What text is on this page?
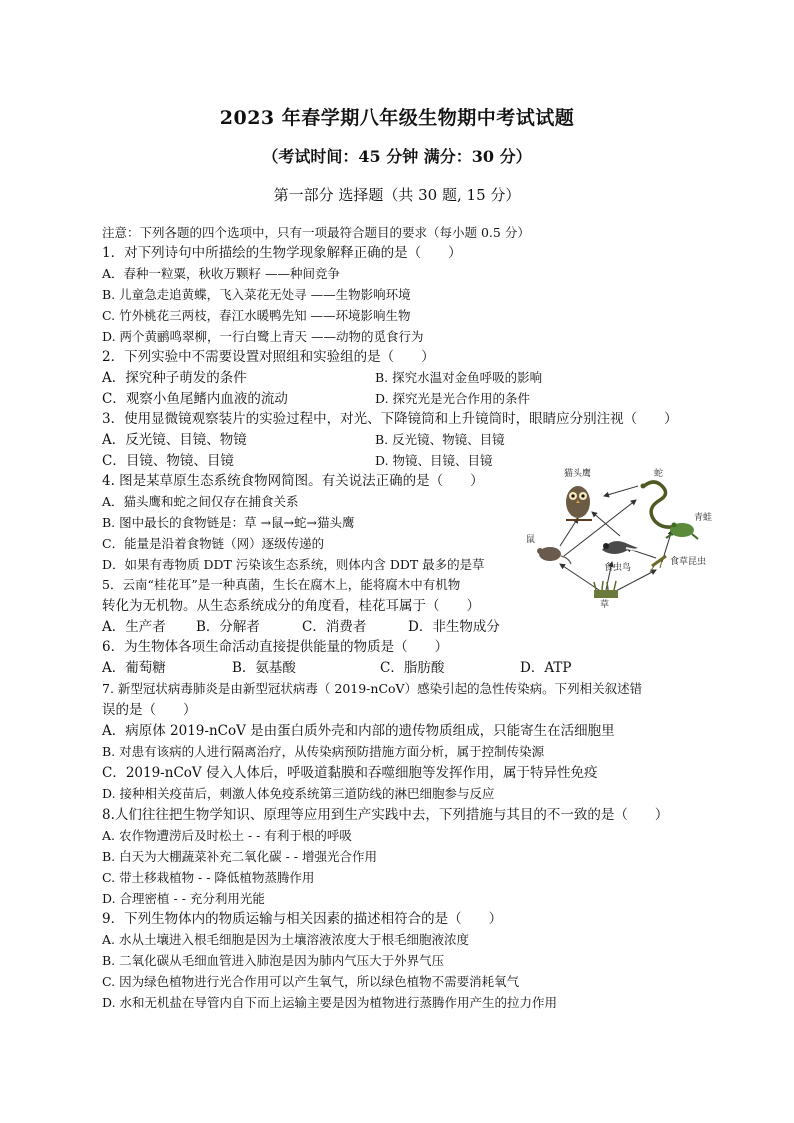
2023 年春学期八年级生物期中考试试题
（考试时间：45 分钟 满分：30 分）
第一部分 选择题（共 30 题, 15 分）
注意：下列各题的四个选项中，只有一项最符合题目的要求（每小题 0.5 分）
1．对下列诗句中所描绘的生物学现象解释正确的是（　　）
A．春种一粒粟，秋收万颗籽 ——种间竞争
B. 儿童急走追黄蝶，飞入菜花无处寻 ——生物影响环境
C. 竹外桃花三两枝，春江水暖鸭先知 ——环境影响生物
D. 两个黄鹂鸣翠柳，一行白鹭上青天 ——动物的觅食行为
2．下列实验中不需要设置对照组和实验组的是（　　）
A．探究种子萌发的条件	B. 探究水温对金鱼呼吸的影响
C．观察小鱼尾鳍内血液的流动	D. 探究光是光合作用的条件
3．使用显微镜观察装片的实验过程中，对光、下降镜筒和上升镜筒时，眼睛应分别注视（　　）
A．反光镜、目镜、物镜	B. 反光镜、物镜、目镜
C．目镜、物镜、目镜	D. 物镜、目镜、目镜
4. 图是某草原生态系统食物网简图。有关说法正确的是（　　）
A．猫头鹰和蛇之间仅存在捕食关系
B. 图中最长的食物链是：草 →鼠→蛇→猫头鹰
C．能量是沿着食物链（网）逐级传递的
D．如果有毒物质 DDT 污染该生态系统，则体内含 DDT 最多的是草
猫头鹰	蛇
青蛙
鼠
食虫鸟
食草昆虫
草
5．云南“桂花耳”是一种真菌，生长在腐木上，能将腐木中有机物
转化为无机物。从生态系统成分的角度看，桂花耳属于（　　）
A．生产者 B．分解者	C．消费者	D．非生物成分
6．为生物体各项生命活动直接提供能量的物质是（　　）
A．葡萄糖	B．氨基酸	C．脂肪酸	D．ATP
7. 新型冠状病毒肺炎是由新型冠状病毒（ 2019-nCoV）感染引起的急性传染病。下列相关叙述错
误的是（　　）
A．病原体 2019-nCoV 是由蛋白质外壳和内部的遗传物质组成，只能寄生在活细胞里
B. 对患有该病的人进行隔离治疗，从传染病预防措施方面分析，属于控制传染源
C．2019-nCoV 侵入人体后，呼吸道黏膜和吞噬细胞等发挥作用，属于特异性免疫
D. 接种相关疫苗后，刺激人体免疫系统第三道防线的淋巴细胞参与反应
8.人们往往把生物学知识、原理等应用到生产实践中去，下列措施与其目的不一致的是（　　）
A. 农作物遭涝后及时松土 - - 有利于根的呼吸
B. 白天为大棚蔬菜补充二氧化碳 - - 增强光合作用
C. 带土移栽植物 - - 降低植物蒸腾作用
D. 合理密植 - - 充分利用光能
9．下列生物体内的物质运输与相关因素的描述相符合的是（　　）
A. 水从土壤进入根毛细胞是因为土壤溶液浓度大于根毛细胞液浓度
B. 二氧化碳从毛细血管进入肺泡是因为肺内气压大于外界气压
C. 因为绿色植物进行光合作用可以产生氧气，所以绿色植物不需要消耗氧气
D. 水和无机盐在导管内自下而上运输主要是因为植物进行蒸腾作用产生的拉力作用
